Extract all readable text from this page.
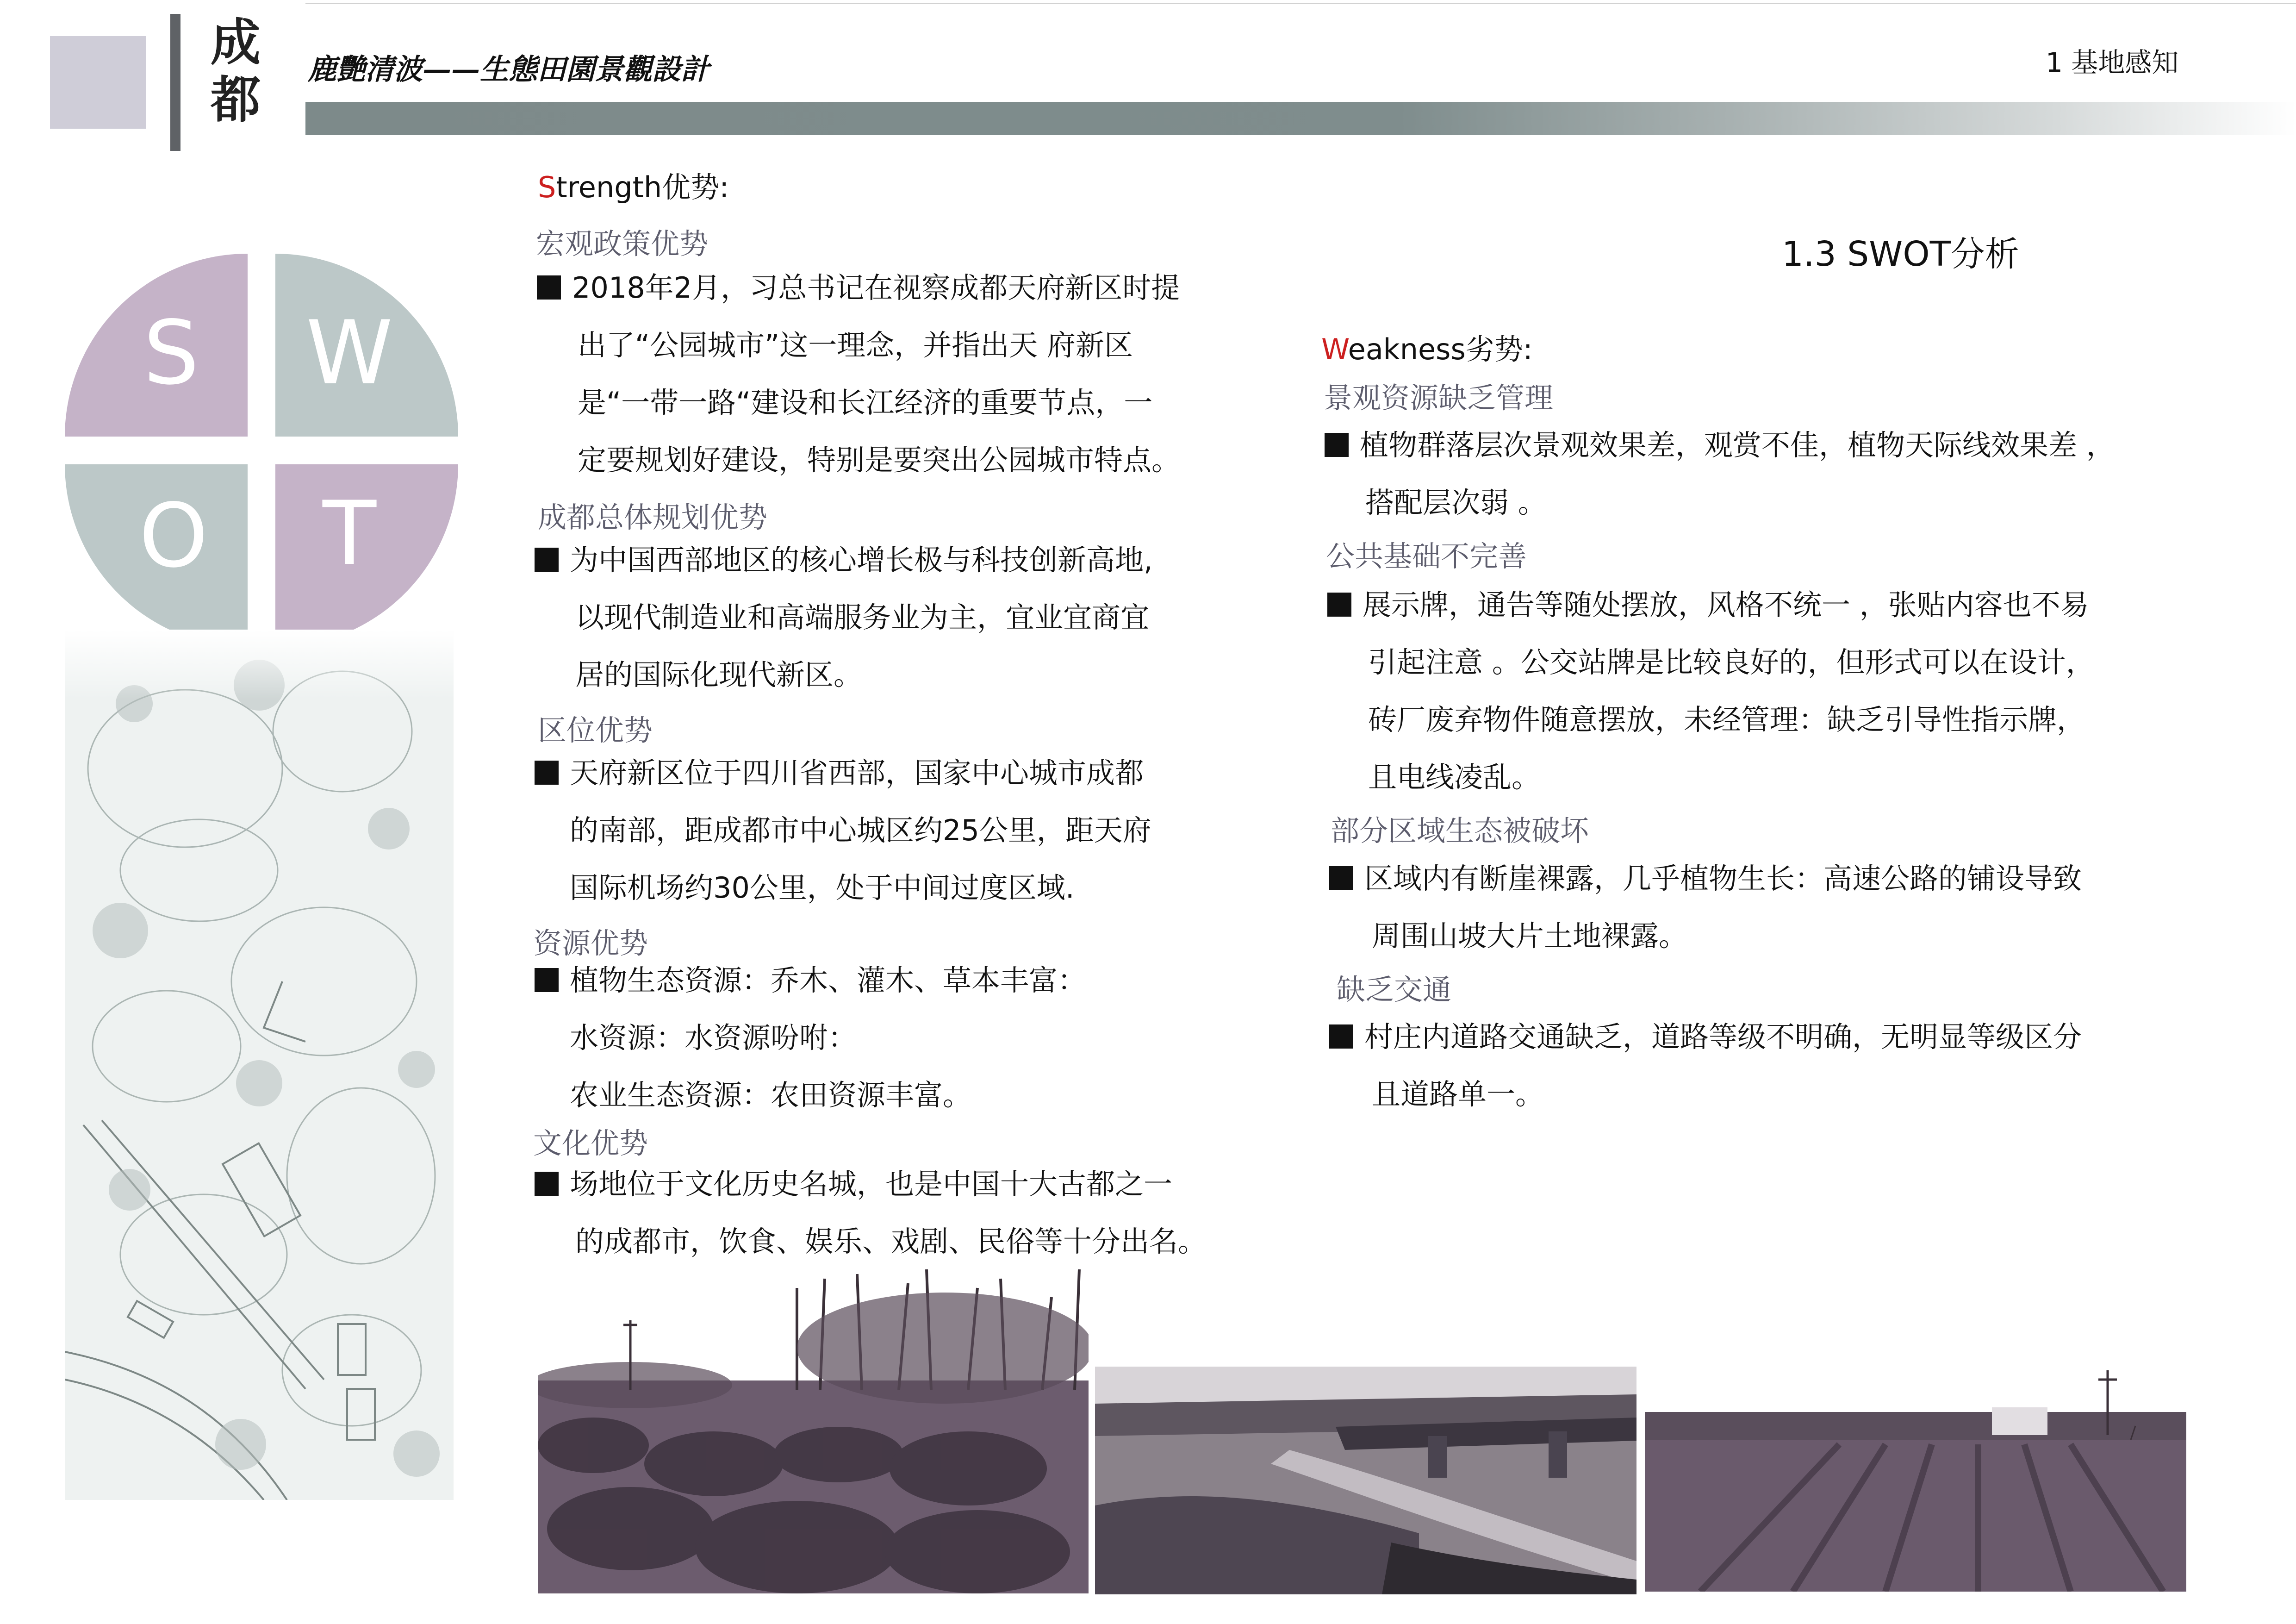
成
都
鹿艷清波——生態田園景觀設計	1 基地感知
S W
O T
1.3 SWOT分析
Strength优势:
宏观政策优势
2018年2月，习总书记在视察成都天府新区时提
出了“公园城市”这一理念，并指出天 府新区
是“一带一路“建设和长江经济的重要节点，一
定要规划好建设，特别是要突出公园城市特点。
成都总体规划优势
为中国西部地区的核心增长极与科技创新高地,
以现代制造业和高端服务业为主，宜业宜商宜
居的国际化现代新区。
区位优势
天府新区位于四川省西部，国家中心城市成都
的南部，距成都市中心城区约25公里，距天府
国际机场约30公里，处于中间过度区域.
资源优势
植物生态资源：乔木、灌木、草本丰富：
水资源：水资源吩咐：
农业生态资源：农田资源丰富。
文化优势
场地位于文化历史名城，也是中国十大古都之一
的成都市，饮食、娱乐、戏剧、民俗等十分出名。
Weakness劣势:
景观资源缺乏管理
植物群落层次景观效果差，观赏不佳，植物天际线效果差 ，
搭配层次弱 。
公共基础不完善
展示牌，通告等随处摆放，风格不统一 ，张贴内容也不易
引起注意 。公交站牌是比较良好的，但形式可以在设计，
砖厂废弃物件随意摆放，未经管理：缺乏引导性指示牌，
且电线凌乱。
部分区域生态被破坏
区域内有断崖裸露，几乎植物生长：高速公路的铺设导致
周围山坡大片土地裸露。
缺乏交通
村庄内道路交通缺乏，道路等级不明确，无明显等级区分
且道路单一。
